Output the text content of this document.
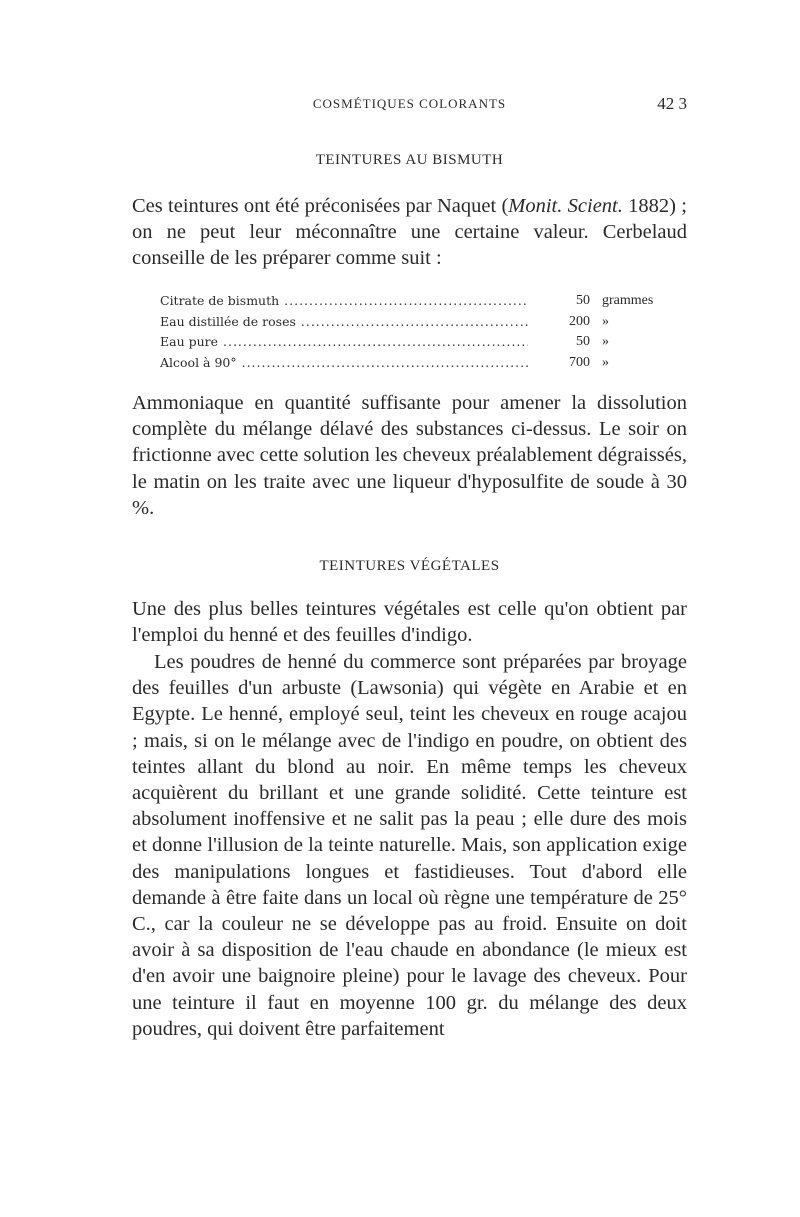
COSMÉTIQUES COLORANTS	42 3
TEINTURES AU BISMUTH

Ces teintures ont été préconisées par Naquet (Monit. Scient. 1882) ; on ne peut leur méconnaître une certaine valeur. Cerbelaud conseille de les préparer comme suit :

Citrate de bismuth .....	50 grammes
Eau distillée de roses .....	200 »
Eau pure .....	50 »
Alcool à 90° .....	700 »

Ammoniaque en quantité suffisante pour amener la dissolution complète du mélange délavé des substances ci-dessus. Le soir on frictionne avec cette solution les cheveux préalablement dégraissés, le matin on les traite avec une liqueur d'hyposulfite de soude à 30 %.

TEINTURES VÉGÉTALES

Une des plus belles teintures végétales est celle qu'on obtient par l'emploi du henné et des feuilles d'indigo.

Les poudres de henné du commerce sont préparées par broyage des feuilles d'un arbuste (Lawsonia) qui végète en Arabie et en Egypte. Le henné, employé seul, teint les cheveux en rouge acajou ; mais, si on le mélange avec de l'indigo en poudre, on obtient des teintes allant du blond au noir. En même temps les cheveux acquièrent du brillant et une grande solidité. Cette teinture est absolument inoffensive et ne salit pas la peau ; elle dure des mois et donne l'illusion de la teinte naturelle. Mais, son application exige des manipulations longues et fastidieuses. Tout d'abord elle demande à être faite dans un local où règne une température de 25° C., car la couleur ne se développe pas au froid. Ensuite on doit avoir à sa disposition de l'eau chaude en abondance (le mieux est d'en avoir une baignoire pleine) pour le lavage des cheveux. Pour une teinture il faut en moyenne 100 gr. du mélange des deux poudres, qui doivent être parfaitement
